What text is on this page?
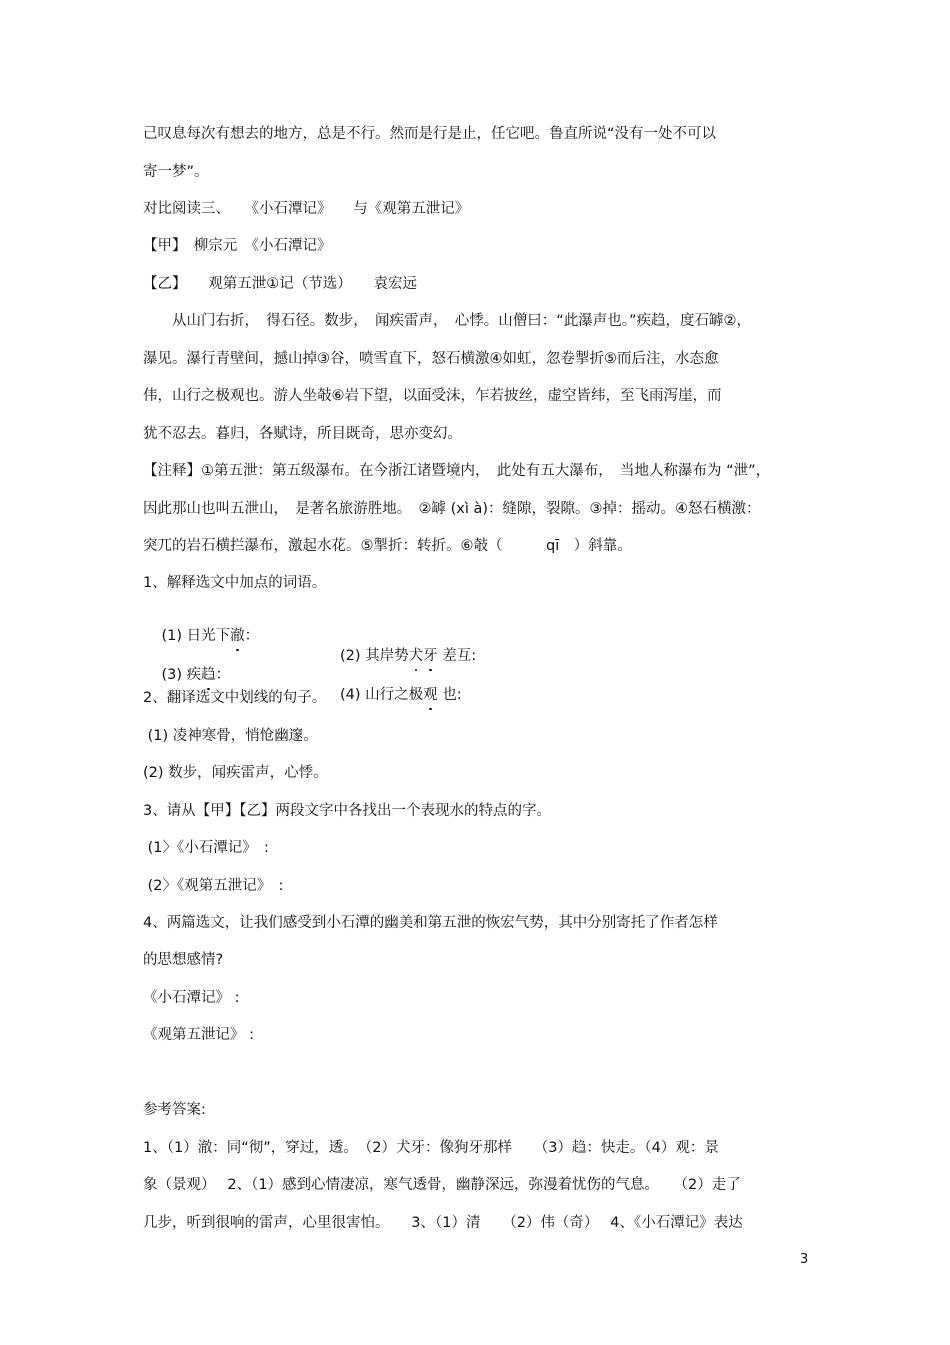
己叹息每次有想去的地方，总是不行。然而是行是止，任它吧。鲁直所说“没有一处不可以
寄一梦”。
对比阅读三、　　《小石潭记》　　与《观第五泄记》
【甲】　柳宗元　《小石潭记》
【乙】　　观第五泄①记（节选）　　袁宏远
　　从山门右折，　得石径。数步，　闻疾雷声，　心悸。山僧曰：“此瀑声也。”疾趋，度石罅②，
瀑见。瀑行青壁间，撼山掉③谷，喷雪直下，怒石横激④如虹，忽卷掣折⑤而后注，水态愈
伟，山行之极观也。游人坐攲⑥岩下望，以面受沫，乍若披丝，虚空皆纬，至飞雨泻崖，而
犹不忍去。暮归，各赋诗，所目既奇，思亦变幻。
【注释】①第五泄：第五级瀑布。在今浙江诸暨境内，　此处有五大瀑布，　当地人称瀑布为 “泄”，
因此那山也叫五泄山，　是著名旅游胜地。　②罅 (xì à)：缝隙，裂隙。③掉：摇动。④怒石横激：
突兀的岩石横拦瀑布，激起水花。⑤掣折：转折。⑥攲（　　　qī　）斜靠。
1、解释选文中加点的词语。

(1) 日光下澈：

(2) 其岸势犬牙 差互:

(3) 疾趋：

(4) 山行之极观 也:

2、翻译选文中划线的句子。
(1) 凌神寒骨，悄怆幽邃。
(2) 数步，闻疾雷声，心悸。
3、请从【甲】【乙】两段文字中各找出一个表现水的特点的字。
(1〉《小石潭记》　:
(2〉《观第五泄记》　:
4、两篇选文，让我们感受到小石潭的幽美和第五泄的恢宏气势，其中分别寄托了作者怎样
的思想感情?
《小石潭记》 :
《观第五泄记》 :
参考答案:
1、（1）澈：同“彻”，穿过，透。　（2）犬牙：像狗牙那样　　（3）趋：快走。（4）观：景
象（景观）　 2、（1）感到心情凄凉，寒气透骨，幽静深远，弥漫着忧伤的气息。　　（2）走了
几步，听到很响的雷声，心里很害怕。　　3、（1）清　　（2）伟（奇）　 4、《小石潭记》表达
3
